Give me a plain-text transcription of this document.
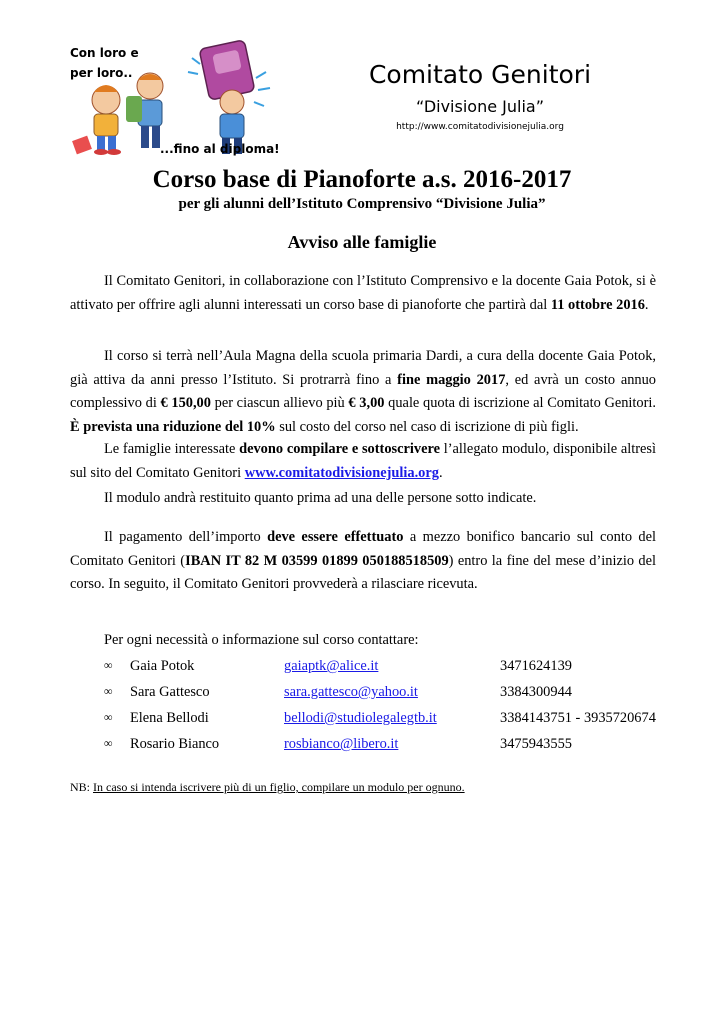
Con loro e
per loro..
...fino al diploma!
Comitato Genitori
“Divisione Julia”
http://www.comitatodivisionejulia.org
Corso base di Pianoforte a.s. 2016-2017
per gli alunni dell’Istituto Comprensivo “Divisione Julia”
Avviso alle famiglie
Il Comitato Genitori, in collaborazione con l’Istituto Comprensivo e la docente Gaia Potok, si è attivato per offrire agli alunni interessati un corso base di pianoforte che partirà dal 11 ottobre 2016.
Il corso si terrà nell’Aula Magna della scuola primaria Dardi, a cura della docente Gaia Potok, già attiva da anni presso l’Istituto. Si protrarrà fino a fine maggio 2017, ed avrà un costo annuo complessivo di € 150,00 per ciascun allievo più € 3,00 quale quota di iscrizione al Comitato Genitori. È prevista una riduzione del 10% sul costo del corso nel caso di iscrizione di più figli.
Le famiglie interessate devono compilare e sottoscrivere l’allegato modulo, disponibile altresì sul sito del Comitato Genitori www.comitatodivisionejulia.org.
Il modulo andrà restituito quanto prima ad una delle persone sotto indicate.
Il pagamento dell’importo deve essere effettuato a mezzo bonifico bancario sul conto del Comitato Genitori (IBAN IT 82 M 03599 01899 050188518509) entro la fine del mese d’inizio del corso. In seguito, il Comitato Genitori provvederà a rilasciare ricevuta.
Per ogni necessità o informazione sul corso contattare:
∞ Gaia Potok	gaiaptk@alice.it	3471624139
∞ Sara Gattesco	sara.gattesco@yahoo.it	3384300944
∞ Elena Bellodi	bellodi@studiolegalegtb.it	3384143751 - 3935720674
∞ Rosario Bianco	rosbianco@libero.it	3475943555
NB: In caso si intenda iscrivere più di un figlio, compilare un modulo per ognuno.
